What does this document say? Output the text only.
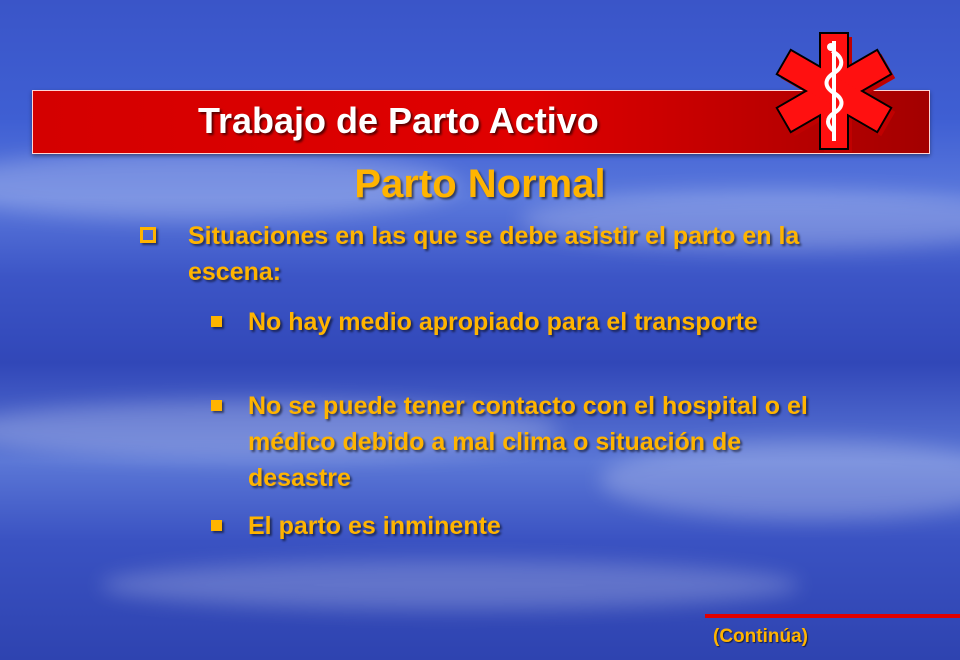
Trabajo de Parto Activo
Parto Normal
Situaciones en las que se debe asistir el parto en la escena:
No hay medio apropiado para el transporte
No se puede tener contacto con el hospital o el médico debido a mal clima o situación de desastre
El parto es inminente
(Continúa)
